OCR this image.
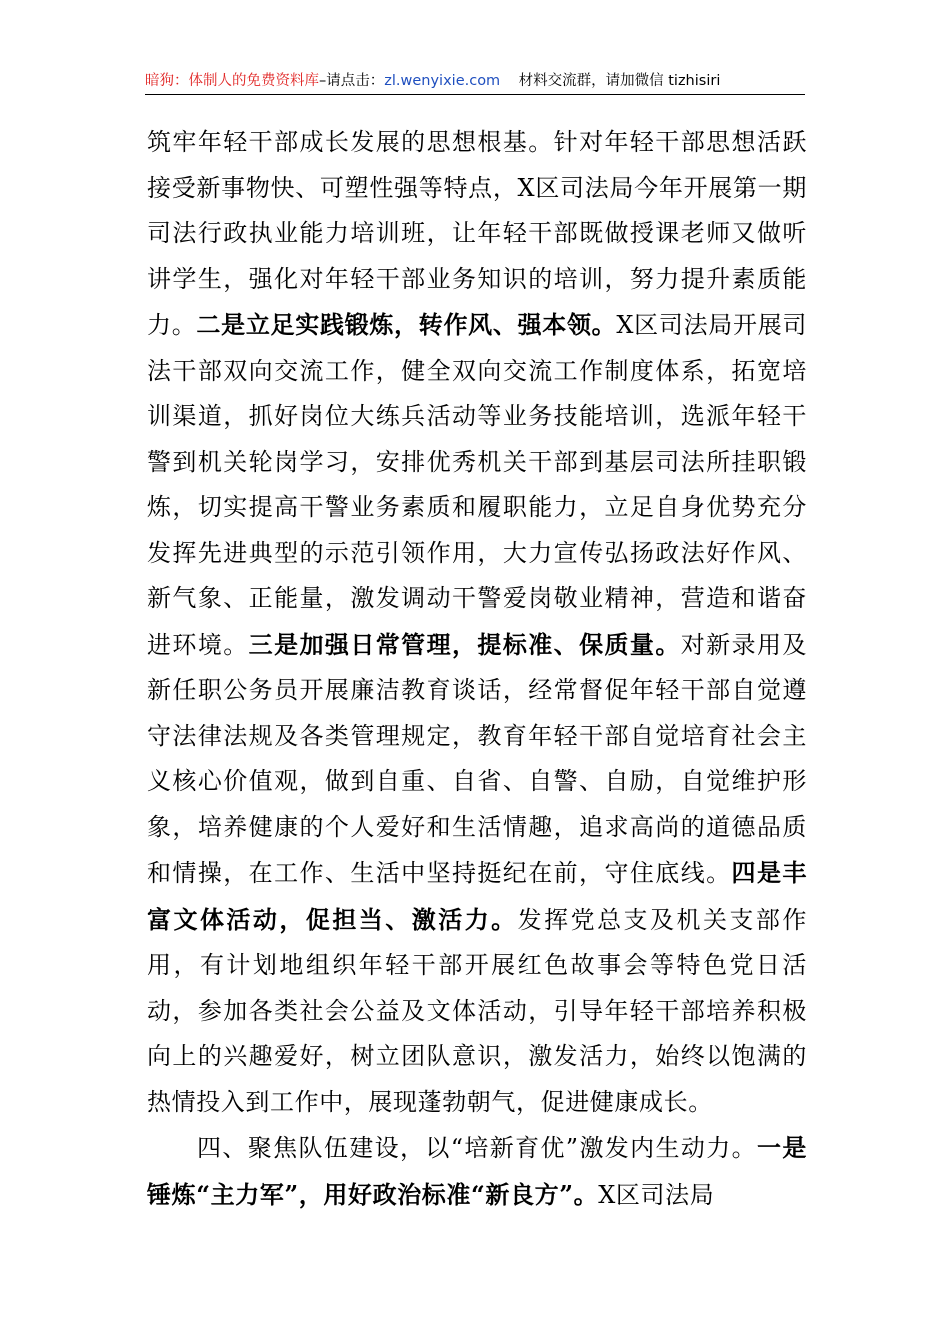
暗狗：体制人的免费资料库–请点击：zl.wenyixie.com 材料交流群，请加微信 tizhisiri

筑牢年轻干部成长发展的思想根基。针对年轻干部思想活跃接受新事物快、可塑性强等特点，X区司法局今年开展第一期司法行政执业能力培训班，让年轻干部既做授课老师又做听讲学生，强化对年轻干部业务知识的培训，努力提升素质能力。二是立足实践锻炼，转作风、强本领。X区司法局开展司法干部双向交流工作，健全双向交流工作制度体系，拓宽培训渠道，抓好岗位大练兵活动等业务技能培训，选派年轻干警到机关轮岗学习，安排优秀机关干部到基层司法所挂职锻炼，切实提高干警业务素质和履职能力，立足自身优势充分发挥先进典型的示范引领作用，大力宣传弘扬政法好作风、新气象、正能量，激发调动干警爱岗敬业精神，营造和谐奋进环境。三是加强日常管理，提标准、保质量。对新录用及新任职公务员开展廉洁教育谈话，经常督促年轻干部自觉遵守法律法规及各类管理规定，教育年轻干部自觉培育社会主义核心价值观，做到自重、自省、自警、自励，自觉维护形象，培养健康的个人爱好和生活情趣，追求高尚的道德品质和情操，在工作、生活中坚持挺纪在前，守住底线。四是丰富文体活动，促担当、激活力。发挥党总支及机关支部作用，有计划地组织年轻干部开展红色故事会等特色党日活动，参加各类社会公益及文体活动，引导年轻干部培养积极向上的兴趣爱好，树立团队意识，激发活力，始终以饱满的热情投入到工作中，展现蓬勃朝气，促进健康成长。

四、聚焦队伍建设，以“培新育优”激发内生动力。一是锤炼“主力军”，用好政治标准“新良方”。X区司法局
